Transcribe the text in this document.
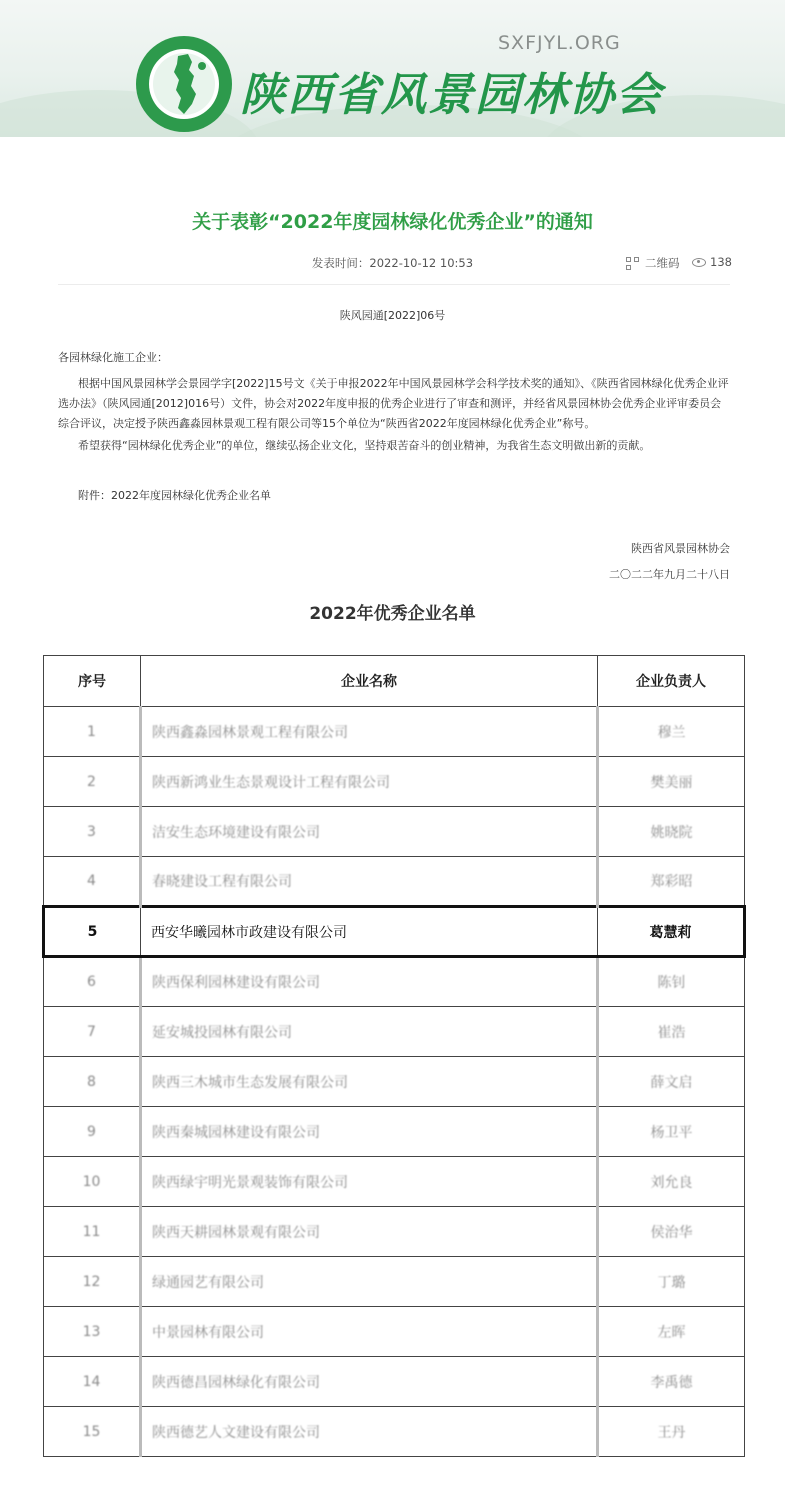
SXFJYL.ORG
陕西省风景园林协会
关于表彰“2022年度园林绿化优秀企业”的通知
发表时间：2022-10-12 10:53	二维码	138
陕风园通[2022]06号
各园林绿化施工企业：
根据中国风景园林学会景园学字[2022]15号文《关于申报2022年中国风景园林学会科学技术奖的通知》、《陕西省园林绿化优秀企业评选办法》（陕风园通[2012]016号）文件，协会对2022年度申报的优秀企业进行了审查和测评，并经省风景园林协会优秀企业评审委员会综合评议，决定授予陕西鑫淼园林景观工程有限公司等15个单位为“陕西省2022年度园林绿化优秀企业”称号。
希望获得“园林绿化优秀企业”的单位，继续弘扬企业文化，坚持艰苦奋斗的创业精神，为我省生态文明做出新的贡献。
附件：2022年度园林绿化优秀企业名单
陕西省风景园林协会
二〇二二年九月二十八日
2022年优秀企业名单
序号	企业名称	企业负责人
1	陕西鑫淼园林景观工程有限公司	穆兰
2	陕西新鸿业生态景观设计工程有限公司	樊美丽
3	洁安生态环境建设有限公司	姚晓院
4	春晓建设工程有限公司	郑彩昭
5	西安华曦园林市政建设有限公司	葛慧莉
6	陕西保利园林建设有限公司	陈钊
7	延安城投园林有限公司	崔浩
8	陕西三木城市生态发展有限公司	薛文启
9	陕西秦城园林建设有限公司	杨卫平
10	陕西绿宇明光景观装饰有限公司	刘允良
11	陕西天耕园林景观有限公司	侯治华
12	绿通园艺有限公司	丁璐
13	中景园林有限公司	左晖
14	陕西德昌园林绿化有限公司	李禹德
15	陕西德艺人文建设有限公司	王丹
